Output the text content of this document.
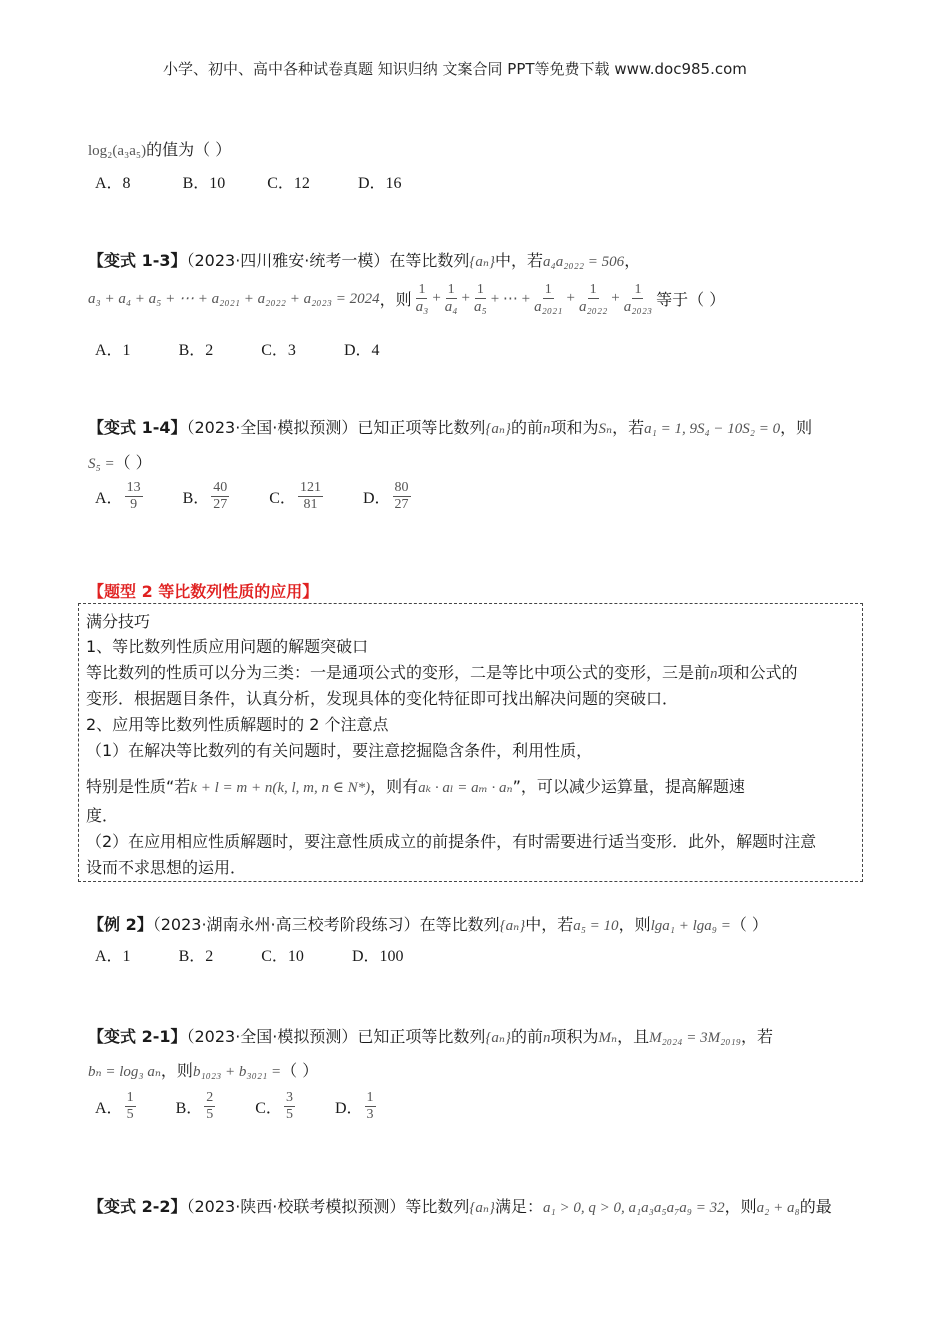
小学、初中、高中各种试卷真题 知识归纳 文案合同 PPT等免费下载 www.doc985.com
log₂(a₃a₅)的值为（ ）
A．8	B．10	C．12	D．16
【变式 1-3】（2023·四川雅安·统考一模）在等比数列{aₙ}中，若a₄a₂₀₂₂ = 506，
a₃ + a₄ + a₅ + ⋯ + a₂₀₂₁ + a₂₀₂₂ + a₂₀₂₃ = 2024 ，则 $\frac{1}{\text{a₃}} + \frac{1}{\text{a₄}} + \frac{1}{\text{a₅}}$ + ⋯ + $\frac{1}{\text{a₂₀₂₁}} + \frac{1}{\text{a₂₀₂₂}} + \frac{1}{\text{a₂₀₂₃}}$ 等于（ ）
A．1	B．2	C．3	D．4
【变式 1-4】（2023·全国·模拟预测）已知正项等比数列{aₙ}的前n项和为Sₙ，若a₁ = 1, 9S₄ − 10S₂ = 0，则
S₅ =（ ）
A． $\frac{13}{9}$	B． $\frac{40}{27}$	C． $\frac{121}{81}$	D． $\frac{80}{27}$
【题型 2 等比数列性质的应用】
满分技巧
1、等比数列性质应用问题的解题突破口
等比数列的性质可以分为三类：一是通项公式的变形，二是等比中项公式的变形，三是前n项和公式的
变形．根据题目条件，认真分析，发现具体的变化特征即可找出解决问题的突破口．
2、应用等比数列性质解题时的 2 个注意点
（1）在解决等比数列的有关问题时，要注意挖掘隐含条件，利用性质，
特别是性质“若k + l = m + n(k, l, m, n ∈ N*)，则有aₖ · aₗ = aₘ · aₙ”，可以减少运算量，提高解题速
度．
（2）在应用相应性质解题时，要注意性质成立的前提条件，有时需要进行适当变形．此外，解题时注意
设而不求思想的运用．
【例 2】（2023·湖南永州·高三校考阶段练习）在等比数列{aₙ}中，若a₅ = 10，则lga₁ + lga₉ =（ ）
A．1	B．2	C．10	D．100
【变式 2-1】（2023·全国·模拟预测）已知正项等比数列{aₙ}的前n项积为Mₙ，且M₂₀₂₄ = 3M₂₀₁₉，若
bₙ = log₃ aₙ，则b₁₀₂₃ + b₃₀₂₁ =（ ）
A． $\frac{1}{5}$	B． $\frac{2}{5}$	C． $\frac{3}{5}$	D． $\frac{1}{3}$
【变式 2-2】（2023·陕西·校联考模拟预测）等比数列{aₙ}满足：a₁ > 0, q > 0, a₁a₃a₅a₇a₉ = 32，则a₂ + a₈的最
